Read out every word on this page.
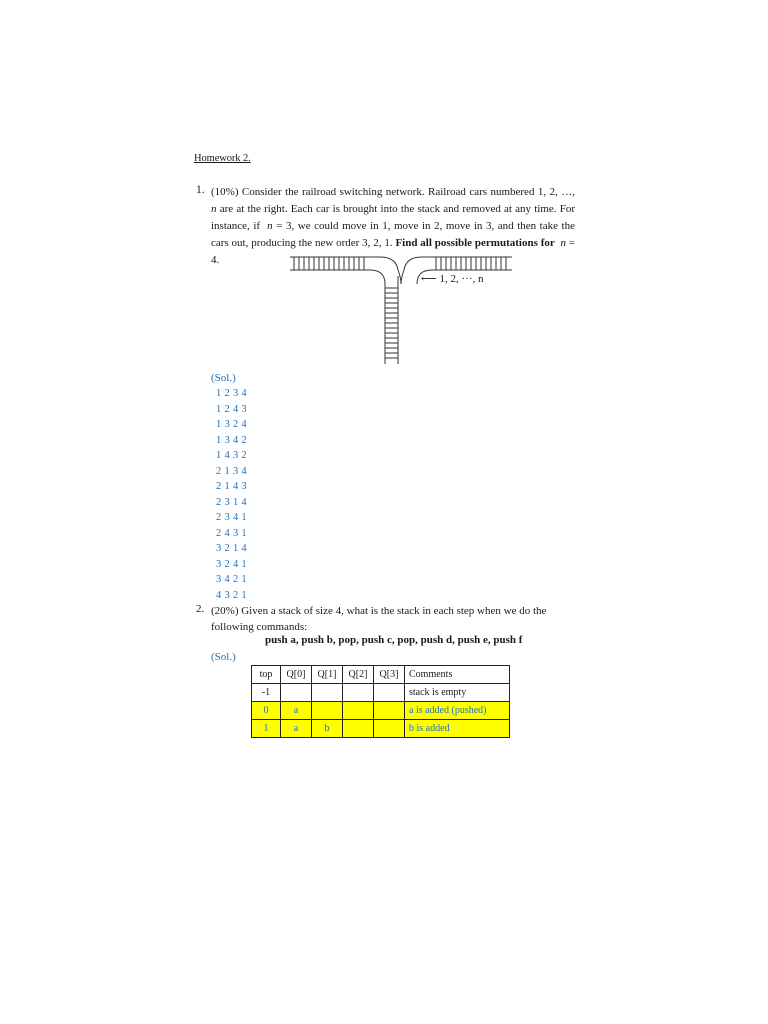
Homework 2.
1. (10%) Consider the railroad switching network. Railroad cars numbered 1, 2, …, n are at the right. Each car is brought into the stack and removed at any time. For instance, if  n = 3, we could move in 1, move in 2, move in 3, and then take the cars out, producing the new order 3, 2, 1. Find all possible permutations for n = 4.
⟵ 1, 2, ···, n
(Sol.)
1 2 3 4
1 2 4 3
1 3 2 4
1 3 4 2
1 4 3 2
2 1 3 4
2 1 4 3
2 3 1 4
2 3 4 1
2 4 3 1
3 2 1 4
3 2 4 1
3 4 2 1
4 3 2 1
2. (20%) Given a stack of size 4, what is the stack in each step when we do the following commands:
push a, push b, pop, push c, pop, push d, push e, push f
(Sol.)
top	Q[0]	Q[1]	Q[2]	Q[3]	Comments
-1					stack is empty
0	a				a is added (pushed)
1	a	b			b is added
